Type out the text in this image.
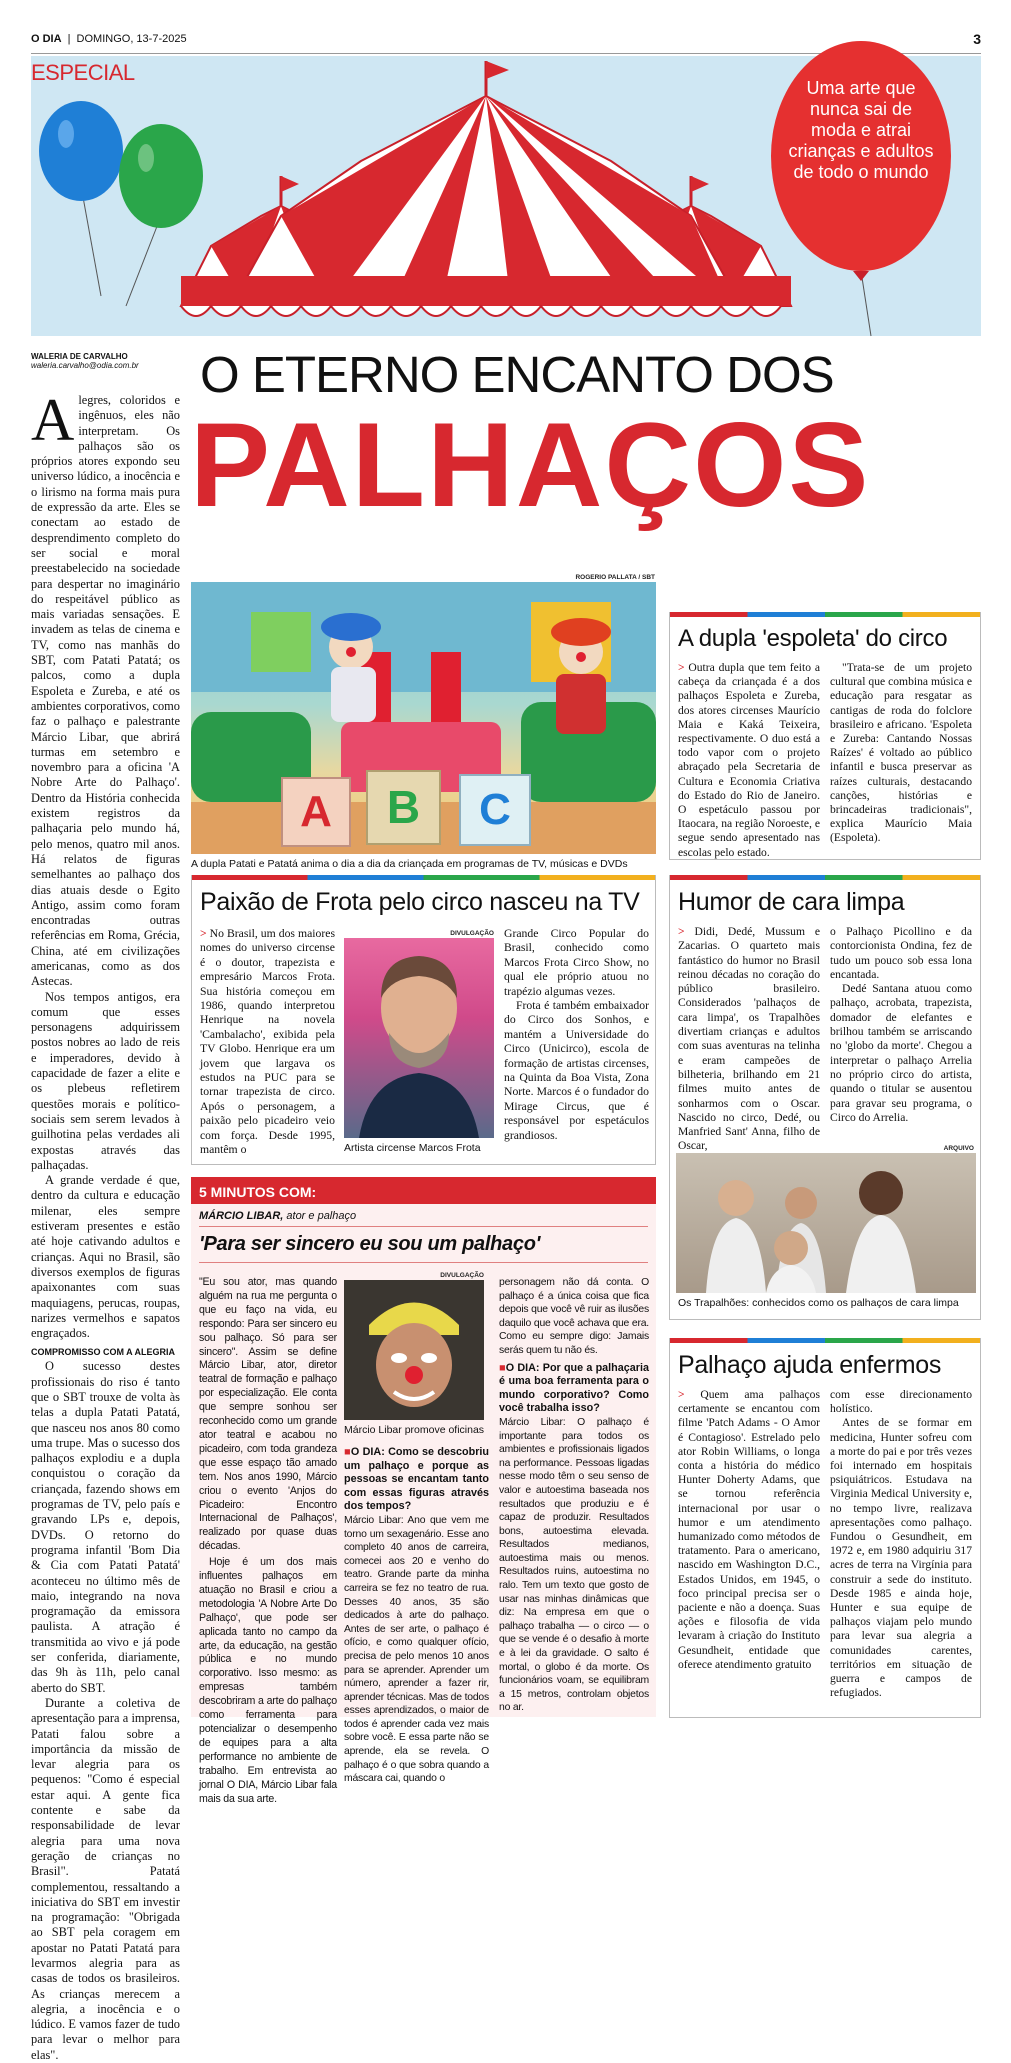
O DIA | DOMINGO, 13-7-2025	3
ESPECIAL
Uma arte que nunca sai de moda e atrai crianças e adultos de todo o mundo
WALERIA DE CARVALHO
waleria.carvalho@odia.com.br	O ETERNO ENCANTO DOS
PALHAÇOS

Alegres, coloridos e ingênuos, eles não interpretam. Os palhaços são os próprios atores expondo seu universo lúdico, a inocência e o lirismo na forma mais pura de expressão da arte. Eles se conectam ao estado de desprendimento completo do ser social e moral preestabelecido na sociedade para despertar no imaginário do respeitável público as mais variadas sensações. E invadem as telas de cinema e TV, como nas manhãs do SBT, com Patati Patatá; os palcos, como a dupla Espoleta e Zureba, e até os ambientes corporativos, como faz o palhaço e palestrante Márcio Libar, que abrirá turmas em setembro e novembro para a oficina 'A Nobre Arte do Palhaço'. Dentro da História conhecida existem registros da palhaçaria pelo mundo há, pelo menos, quatro mil anos. Há relatos de figuras semelhantes ao palhaço dos dias atuais desde o Egito Antigo, assim como foram encontradas outras referências em Roma, Grécia, China, até em civilizações americanas, como as dos Astecas.

Nos tempos antigos, era comum que esses personagens adquirissem postos nobres ao lado de reis e imperadores, devido à capacidade de fazer a elite e os plebeus refletirem questões morais e político-sociais sem serem levados à guilhotina pelas verdades ali expostas através das palhaçadas.

A grande verdade é que, dentro da cultura e educação milenar, eles sempre estiveram presentes e estão até hoje cativando adultos e crianças. Aqui no Brasil, são diversos exemplos de figuras apaixonantes com suas maquiagens, perucas, roupas, narizes vermelhos e sapatos engraçados.

COMPROMISSO COM A ALEGRIA

O sucesso destes profissionais do riso é tanto que o SBT trouxe de volta às telas a dupla Patati Patatá, que nasceu nos anos 80 como uma trupe. Mas o sucesso dos palhaços explodiu e a dupla conquistou o coração da criançada, fazendo shows em programas de TV, pelo país e gravando LPs e, depois, DVDs. O retorno do programa infantil 'Bom Dia & Cia com Patati Patatá' aconteceu no último mês de maio, integrando na nova programação da emissora paulista. A atração é transmitida ao vivo e já pode ser conferida, diariamente, das 9h às 11h, pelo canal aberto do SBT.

Durante a coletiva de apresentação para a imprensa, Patati falou sobre a importância da missão de levar alegria para os pequenos: "Como é especial estar aqui. A gente fica contente e sabe da responsabilidade de levar alegria para uma nova geração de crianças no Brasil". Patatá complementou, ressaltando a iniciativa do SBT em investir na programação: "Obrigada ao SBT pela coragem em apostar no Patati Patatá para levarmos alegria para as casas de todos os brasileiros. As crianças merecem a alegria, a inocência e o lúdico. E vamos fazer de tudo para levar o melhor para elas".

ROGERIO PALLATA / SBT
A	B	C
A dupla Patati e Patatá anima o dia a dia da criançada em programas de TV, músicas e DVDs
A dupla 'espoleta' do circo

> Outra dupla que tem feito a cabeça da criançada é a dos palhaços Espoleta e Zureba, dos atores circenses Maurício Maia e Kaká Teixeira, respectivamente. O duo está a todo vapor com o projeto abraçado pela Secretaria de Cultura e Economia Criativa do Estado do Rio de Janeiro. O espetáculo passou por Itaocara, na região Noroeste, e segue sendo apresentado nas escolas pelo estado.

"Trata-se de um projeto cultural que combina música e educação para resgatar as cantigas de roda do folclore brasileiro e africano. 'Espoleta e Zureba: Cantando Nossas Raízes' é voltado ao público infantil e busca preservar as raízes culturais, destacando canções, histórias e brincadeiras tradicionais", explica Maurício Maia (Espoleta).

Paixão de Frota pelo circo nasceu na TV

> No Brasil, um dos maiores nomes do universo circense é o doutor, trapezista e empresário Marcos Frota. Sua história começou em 1986, quando interpretou Henrique na novela 'Cambalacho', exibida pela TV Globo. Henrique era um jovem que largava os estudos na PUC para se tornar trapezista de circo. Após o personagem, a paixão pelo picadeiro veio com força. Desde 1995, mantêm o

DIVULGAÇÃO
Artista circense Marcos Frota

Grande Circo Popular do Brasil, conhecido como Marcos Frota Circo Show, no qual ele próprio atuou no trapézio algumas vezes.

Frota é também embaixador do Circo dos Sonhos, e mantém a Universidade do Circo (Unicirco), escola de formação de artistas circenses, na Quinta da Boa Vista, Zona Norte. Marcos é o fundador do Mirage Circus, que é responsável por espetáculos grandiosos.

Humor de cara limpa

> Didi, Dedé, Mussum e Zacarias. O quarteto mais fantástico do humor no Brasil reinou décadas no coração do público brasileiro. Considerados 'palhaços de cara limpa', os Trapalhões divertiam crianças e adultos com suas aventuras na telinha e eram campeões de bilheteria, brilhando em 21 filmes muito antes de sonharmos com o Oscar. Nascido no circo, Dedé, ou Manfried Sant' Anna, filho de Oscar,

o Palhaço Picollino e da contorcionista Ondina, fez de tudo um pouco sob essa lona encantada.

Dedé Santana atuou como palhaço, acrobata, trapezista, domador de elefantes e brilhou também se arriscando no 'globo da morte'. Chegou a interpretar o palhaço Arrelia no próprio circo do artista, quando o titular se ausentou para gravar seu programa, o Circo do Arrelia.

ARQUIVO
Os Trapalhões: conhecidos como os palhaços de cara limpa
5 MINUTOS COM:
MÁRCIO LIBAR, ator e palhaço
'Para ser sincero eu sou um palhaço'

"Eu sou ator, mas quando alguém na rua me pergunta o que eu faço na vida, eu respondo: Para ser sincero eu sou palhaço. Só para ser sincero". Assim se define Márcio Libar, ator, diretor teatral de formação e palhaço por especialização. Ele conta que sempre sonhou ser reconhecido como um grande ator teatral e acabou no picadeiro, com toda grandeza que esse espaço tão amado tem. Nos anos 1990, Márcio criou o evento 'Anjos do Picadeiro: Encontro Internacional de Palhaços', realizado por quase duas décadas.

Hoje é um dos mais influentes palhaços em atuação no Brasil e criou a metodologia 'A Nobre Arte Do Palhaço', que pode ser aplicada tanto no campo da arte, da educação, na gestão pública e no mundo corporativo. Isso mesmo: as empresas também descobriram a arte do palhaço como ferramenta para potencializar o desempenho de equipes para a alta performance no ambiente de trabalho. Em entrevista ao jornal O DIA, Márcio Libar fala mais da sua arte.

DIVULGAÇÃO
Márcio Libar promove oficinas

■O DIA: Como se descobriu um palhaço e porque as pessoas se encantam tanto com essas figuras através dos tempos?

Márcio Libar: Ano que vem me torno um sexagenário. Esse ano completo 40 anos de carreira, comecei aos 20 e venho do teatro. Grande parte da minha carreira se fez no teatro de rua. Desses 40 anos, 35 são dedicados à arte do palhaço. Antes de ser arte, o palhaço é ofício, e como qualquer ofício, precisa de pelo menos 10 anos para se aprender. Aprender um número, aprender a fazer rir, aprender técnicas. Mas de todos esses aprendizados, o maior de todos é aprender cada vez mais sobre você. E essa parte não se aprende, ela se revela. O palhaço é o que sobra quando a máscara cai, quando o

personagem não dá conta. O palhaço é a única coisa que fica depois que você vê ruir as ilusões daquilo que você achava que era. Como eu sempre digo: Jamais serás quem tu não és.

■O DIA: Por que a palhaçaria é uma boa ferramenta para o mundo corporativo? Como você trabalha isso?

Márcio Libar: O palhaço é importante para todos os ambientes e profissionais ligados na performance. Pessoas ligadas nesse modo têm o seu senso de valor e autoestima baseada nos resultados que produziu e é capaz de produzir. Resultados bons, autoestima elevada. Resultados medianos, autoestima mais ou menos. Resultados ruins, autoestima no ralo. Tem um texto que gosto de usar nas minhas dinâmicas que diz: Na empresa em que o palhaço trabalha — o circo — o que se vende é o desafio à morte e à lei da gravidade. O salto é mortal, o globo é da morte. Os funcionários voam, se equilibram a 15 metros, controlam objetos no ar.

Palhaço ajuda enfermos

> Quem ama palhaços certamente se encantou com filme 'Patch Adams - O Amor é Contagioso'. Estrelado pelo ator Robin Williams, o longa conta a história do médico Hunter Doherty Adams, que se tornou referência internacional por usar o humor e um atendimento humanizado como métodos de tratamento. Para o americano, nascido em Washington D.C., Estados Unidos, em 1945, o foco principal precisa ser o paciente e não a doença. Suas ações e filosofia de vida levaram à criação do Instituto Gesundheit, entidade que oferece atendimento gratuito

com esse direcionamento holístico.

Antes de se formar em medicina, Hunter sofreu com a morte do pai e por três vezes foi internado em hospitais psiquiátricos. Estudava na Virginia Medical University e, no tempo livre, realizava apresentações como palhaço. Fundou o Gesundheit, em 1972 e, em 1980 adquiriu 317 acres de terra na Virgínia para construir a sede do instituto. Desde 1985 e ainda hoje, Hunter e sua equipe de palhaços viajam pelo mundo para levar sua alegria a comunidades carentes, territórios em situação de guerra e campos de refugiados.
